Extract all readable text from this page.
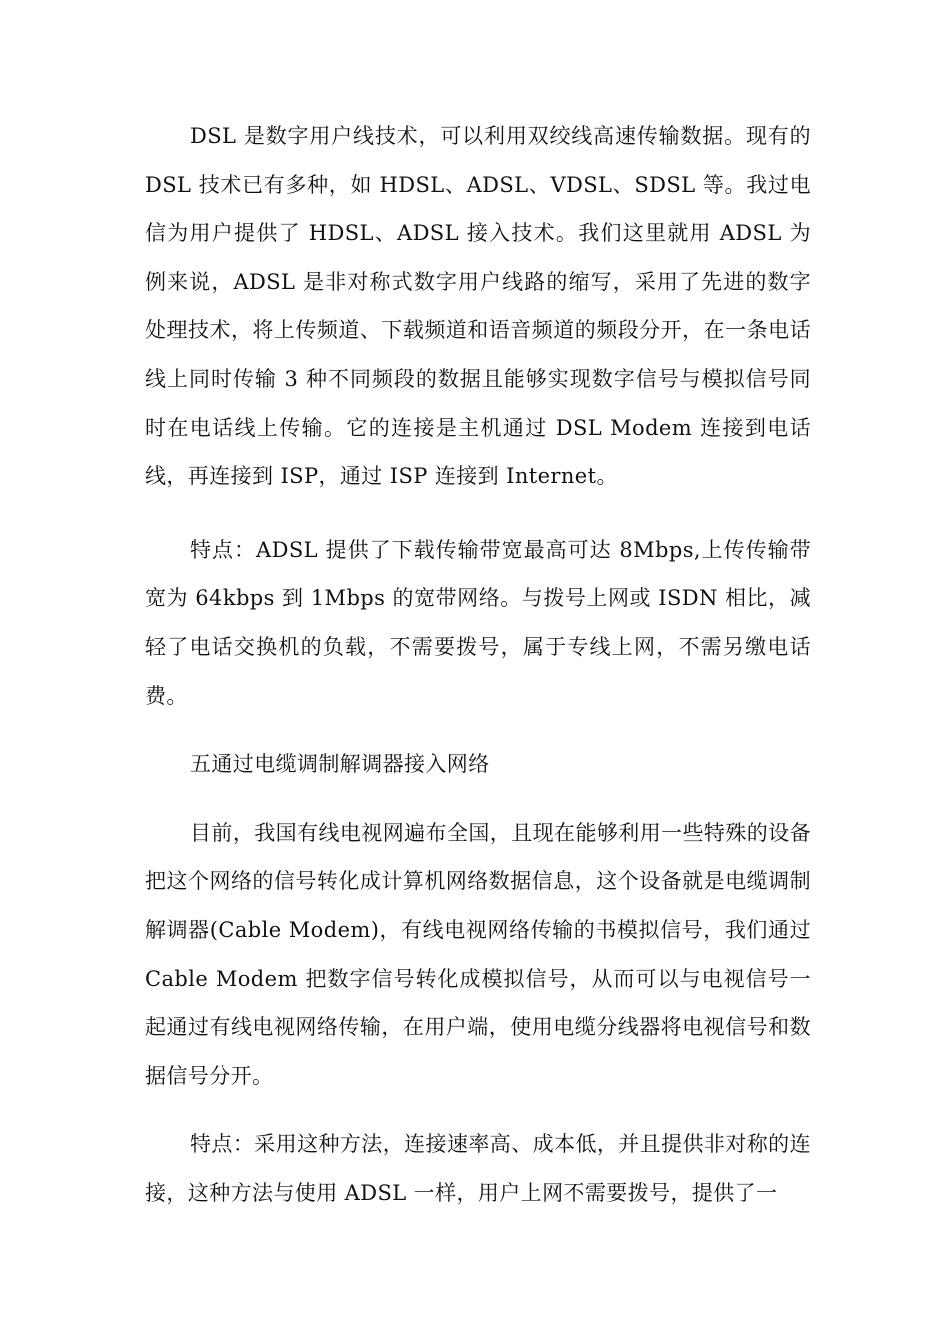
DSL 是数字用户线技术，可以利用双绞线高速传输数据。现有的 DSL 技术已有多种，如 HDSL、ADSL、VDSL、SDSL 等。我过电信为用户提供了 HDSL、ADSL 接入技术。我们这里就用 ADSL 为例来说，ADSL 是非对称式数字用户线路的缩写，采用了先进的数字处理技术，将上传频道、下载频道和语音频道的频段分开，在一条电话线上同时传输 3 种不同频段的数据且能够实现数字信号与模拟信号同时在电话线上传输。它的连接是主机通过 DSL Modem 连接到电话线，再连接到 ISP，通过 ISP 连接到 Internet。

特点：ADSL 提供了下载传输带宽最高可达 8Mbps,上传传输带宽为 64kbps 到 1Mbps 的宽带网络。与拨号上网或 ISDN 相比，减轻了电话交换机的负载，不需要拨号，属于专线上网，不需另缴电话费。

五通过电缆调制解调器接入网络

目前，我国有线电视网遍布全国，且现在能够利用一些特殊的设备把这个网络的信号转化成计算机网络数据信息，这个设备就是电缆调制解调器(Cable Modem)，有线电视网络传输的书模拟信号，我们通过 Cable Modem 把数字信号转化成模拟信号，从而可以与电视信号一起通过有线电视网络传输，在用户端，使用电缆分线器将电视信号和数据信号分开。

特点：采用这种方法，连接速率高、成本低，并且提供非对称的连接，这种方法与使用 ADSL 一样，用户上网不需要拨号，提供了一
